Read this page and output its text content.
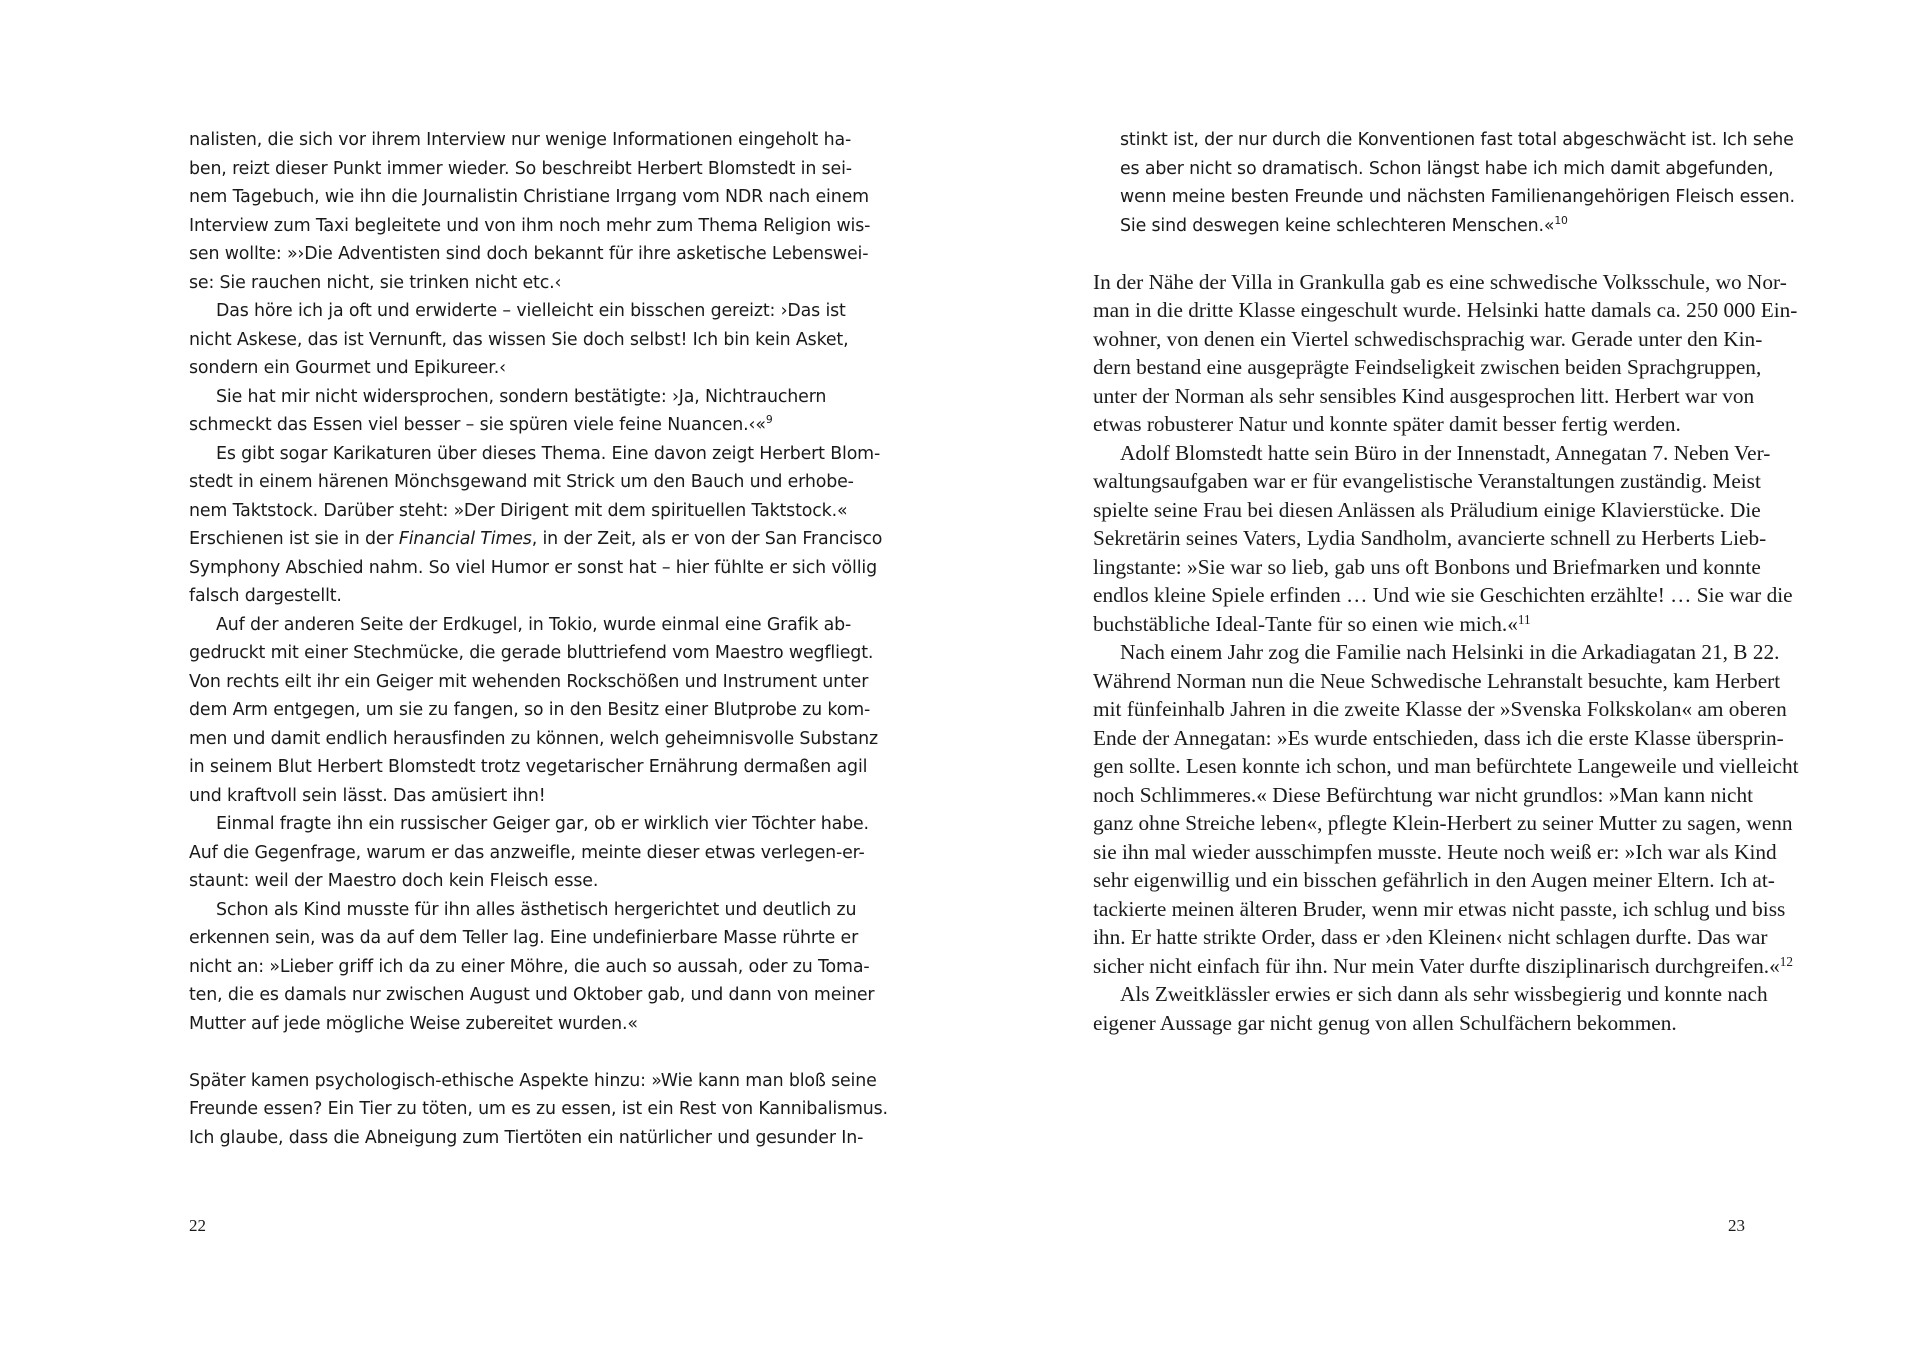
nalisten, die sich vor ihrem Interview nur wenige Informationen eingeholt ha-
ben, reizt dieser Punkt immer wieder. So beschreibt Herbert Blomstedt in sei-
nem Tagebuch, wie ihn die Journalistin Christiane Irrgang vom NDR nach einem
Interview zum Taxi begleitete und von ihm noch mehr zum Thema Religion wis-
sen wollte: »›Die Adventisten sind doch bekannt für ihre asketische Lebenswei-
se: Sie rauchen nicht, sie trinken nicht etc.‹
Das höre ich ja oft und erwiderte – vielleicht ein bisschen gereizt: ›Das ist
nicht Askese, das ist Vernunft, das wissen Sie doch selbst! Ich bin kein Asket,
sondern ein Gourmet und Epikureer.‹
Sie hat mir nicht widersprochen, sondern bestätigte: ›Ja, Nichtrauchern
schmeckt das Essen viel besser – sie spüren viele feine Nuancen.‹«$^9$
Es gibt sogar Karikaturen über dieses Thema. Eine davon zeigt Herbert Blom-
stedt in einem härenen Mönchsgewand mit Strick um den Bauch und erhobe-
nem Taktstock. Darüber steht: »Der Dirigent mit dem spirituellen Taktstock.«
Erschienen ist sie in der Financial Times, in der Zeit, als er von der San Francisco
Symphony Abschied nahm. So viel Humor er sonst hat – hier fühlte er sich völlig
falsch dargestellt.
Auf der anderen Seite der Erdkugel, in Tokio, wurde einmal eine Grafik ab-
gedruckt mit einer Stechmücke, die gerade bluttriefend vom Maestro wegfliegt.
Von rechts eilt ihr ein Geiger mit wehenden Rockschößen und Instrument unter
dem Arm entgegen, um sie zu fangen, so in den Besitz einer Blutprobe zu kom-
men und damit endlich herausfinden zu können, welch geheimnisvolle Substanz
in seinem Blut Herbert Blomstedt trotz vegetarischer Ernährung dermaßen agil
und kraftvoll sein lässt. Das amüsiert ihn!
Einmal fragte ihn ein russischer Geiger gar, ob er wirklich vier Töchter habe.
Auf die Gegenfrage, warum er das anzweifle, meinte dieser etwas verlegen-er-
staunt: weil der Maestro doch kein Fleisch esse.
Schon als Kind musste für ihn alles ästhetisch hergerichtet und deutlich zu
erkennen sein, was da auf dem Teller lag. Eine undefinierbare Masse rührte er
nicht an: »Lieber griff ich da zu einer Möhre, die auch so aussah, oder zu Toma-
ten, die es damals nur zwischen August und Oktober gab, und dann von meiner
Mutter auf jede mögliche Weise zubereitet wurden.«
Später kamen psychologisch-ethische Aspekte hinzu: »Wie kann man bloß seine
Freunde essen? Ein Tier zu töten, um es zu essen, ist ein Rest von Kannibalismus.
Ich glaube, dass die Abneigung zum Tiertöten ein natürlicher und gesunder In-
22
stinkt ist, der nur durch die Konventionen fast total abgeschwächt ist. Ich sehe
es aber nicht so dramatisch. Schon längst habe ich mich damit abgefunden,
wenn meine besten Freunde und nächsten Familienangehörigen Fleisch essen.
Sie sind deswegen keine schlechteren Menschen.«$^{10}$
In der Nähe der Villa in Grankulla gab es eine schwedische Volksschule, wo Nor-
man in die dritte Klasse eingeschult wurde. Helsinki hatte damals ca. 250 000 Ein-
wohner, von denen ein Viertel schwedischsprachig war. Gerade unter den Kin-
dern bestand eine ausgeprägte Feindseligkeit zwischen beiden Sprachgruppen,
unter der Norman als sehr sensibles Kind ausgesprochen litt. Herbert war von
etwas robusterer Natur und konnte später damit besser fertig werden.
Adolf Blomstedt hatte sein Büro in der Innenstadt, Annegatan 7. Neben Ver-
waltungsaufgaben war er für evangelistische Veranstaltungen zuständig. Meist
spielte seine Frau bei diesen Anlässen als Präludium einige Klavierstücke. Die
Sekretärin seines Vaters, Lydia Sandholm, avancierte schnell zu Herberts Lieb-
lingstante: »Sie war so lieb, gab uns oft Bonbons und Briefmarken und konnte
endlos kleine Spiele erfinden … Und wie sie Geschichten erzählte! … Sie war die
buchstäbliche Ideal-Tante für so einen wie mich.«$^{11}$
Nach einem Jahr zog die Familie nach Helsinki in die Arkadiagatan 21, B 22.
Während Norman nun die Neue Schwedische Lehranstalt besuchte, kam Herbert
mit fünfeinhalb Jahren in die zweite Klasse der »Svenska Folkskolan« am oberen
Ende der Annegatan: »Es wurde entschieden, dass ich die erste Klasse übersprin-
gen sollte. Lesen konnte ich schon, und man befürchtete Langeweile und vielleicht
noch Schlimmeres.« Diese Befürchtung war nicht grundlos: »Man kann nicht
ganz ohne Streiche leben«, pflegte Klein-Herbert zu seiner Mutter zu sagen, wenn
sie ihn mal wieder ausschimpfen musste. Heute noch weiß er: »Ich war als Kind
sehr eigenwillig und ein bisschen gefährlich in den Augen meiner Eltern. Ich at-
tackierte meinen älteren Bruder, wenn mir etwas nicht passte, ich schlug und biss
ihn. Er hatte strikte Order, dass er ›den Kleinen‹ nicht schlagen durfte. Das war
sicher nicht einfach für ihn. Nur mein Vater durfte disziplinarisch durchgreifen.«$^{12}$
Als Zweitklässler erwies er sich dann als sehr wissbegierig und konnte nach
eigener Aussage gar nicht genug von allen Schulfächern bekommen.
23
